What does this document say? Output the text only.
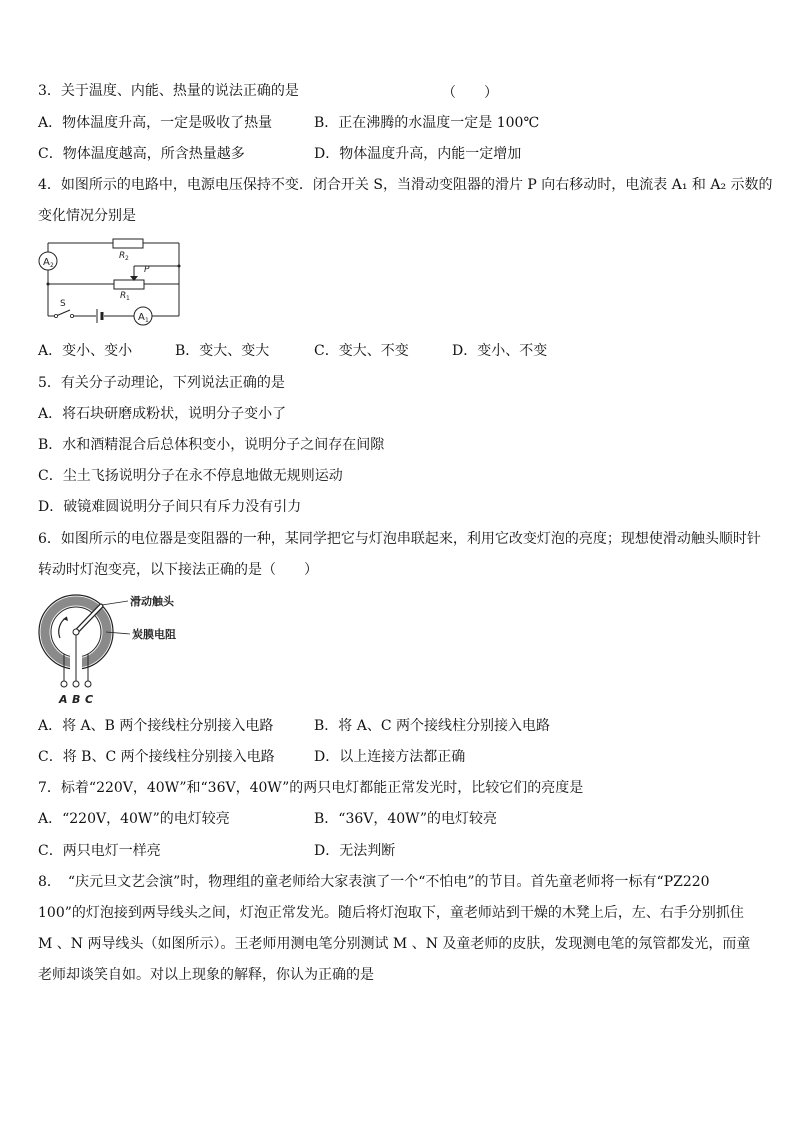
3．关于温度、内能、热量的说法正确的是	（　　）
A．物体温度升高，一定是吸收了热量	B．正在沸腾的水温度一定是 100℃
C．物体温度越高，所含热量越多	D．物体温度升高，内能一定增加
4．如图所示的电路中，电源电压保持不变．闭合开关 S，当滑动变阻器的滑片 P 向右移动时，电流表 A₁ 和 A₂ 示数的
变化情况分别是
A 2
R 2
P
R 1
S
A 1
A．变小、变小	B．变大、变大	C．变大、不变	D．变小、不变
5．有关分子动理论，下列说法正确的是
A．将石块研磨成粉状，说明分子变小了
B．水和酒精混合后总体积变小，说明分子之间存在间隙
C．尘土飞扬说明分子在永不停息地做无规则运动
D．破镜难圆说明分子间只有斥力没有引力
6．如图所示的电位器是变阻器的一种，某同学把它与灯泡串联起来，利用它改变灯泡的亮度；现想使滑动触头顺时针
转动时灯泡变亮，以下接法正确的是（　　）
滑动触头
炭膜电阻
A B C
A．将 A、B 两个接线柱分别接入电路	B．将 A、C 两个接线柱分别接入电路
C．将 B、C 两个接线柱分别接入电路	D．以上连接方法都正确
7．标着“220V，40W”和“36V，40W”的两只电灯都能正常发光时，比较它们的亮度是
A．“220V，40W”的电灯较亮	B．“36V，40W”的电灯较亮
C．两只电灯一样亮	D．无法判断
8．　“庆元旦文艺会演”时，物理组的童老师给大家表演了一个“不怕电”的节目。首先童老师将一标有“PZ220
100”的灯泡接到两导线头之间，灯泡正常发光。随后将灯泡取下，童老师站到干燥的木凳上后，左、右手分别抓住
M 、N 两导线头（如图所示）。王老师用测电笔分别测试 M 、N 及童老师的皮肤，发现测电笔的氖管都发光，而童
老师却谈笑自如。对以上现象的解释，你认为正确的是
